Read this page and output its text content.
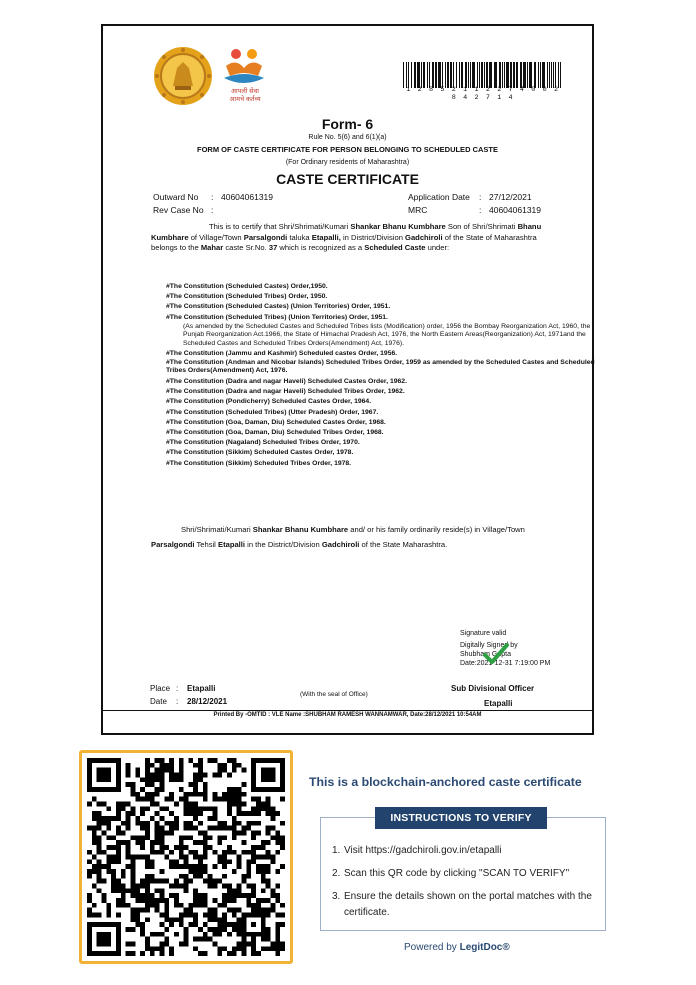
आपली सेवा
आमचे कर्तव्य
1 2 8 5 2 1 1 2 2 7 4 0 0 2 8 4 2 7 1 4
Form- 6
Rule No. 5(6) and 6(1)(a)
FORM OF CASTE CERTIFICATE FOR PERSON BELONGING TO SCHEDULED CASTE
(For Ordinary residents of Maharashtra)
CASTE CERTIFICATE
Outward No : 40604061319
Rev Case No :
Application Date : 27/12/2021
MRC	: 40604061319
This is to certify that Shri/Shrimati/Kumari Shankar Bhanu Kumbhare Son of Shri/Shrimati Bhanu Kumbhare of Village/Town Parsalgondi taluka Etapalli, in District/Division Gadchiroli of the State of Maharashtra belongs to the Mahar caste Sr.No. 37 which is recognized as a Scheduled Caste under:
#The Constitution (Scheduled Castes) Order,1950.
#The Constitution (Scheduled Tribes) Order, 1950.
#The Constitution (Scheduled Castes) (Union Territories) Order, 1951.
#The Constitution (Scheduled Tribes) (Union Territories) Order, 1951.
(As amended by the Scheduled Castes and Scheduled Tribes lists (Modification) order, 1956 the Bombay Reorganization Act, 1960, the Punjab Reorganization Act.1966, the State of Himachal Pradesh Act, 1976, the North Eastern Areas(Reorganization) Act, 1971and the Scheduled Castes and Scheduled Tribes Orders(Amendment) Act, 1976).
#The Constitution (Jammu and Kashmir) Scheduled castes Order, 1956.
#The Constitution (Andman and Nicobar Islands) Scheduled Tribes Order, 1959 as amended by the Scheduled Castes and Scheduled Tribes Orders(Amendment) Act, 1976.
#The Constitution (Dadra and nagar Haveli) Scheduled Castes Order, 1962.
#The Constitution (Dadra and nagar Haveli) Scheduled Tribes Order, 1962.
#The Constitution (Pondicherry) Scheduled Castes Order, 1964.
#The Constitution (Scheduled Tribes) (Utter Pradesh) Order, 1967.
#The Constitution (Goa, Daman, Diu) Scheduled Castes Order, 1968.
#The Constitution (Goa, Daman, Diu) Scheduled Tribes Order, 1968.
#The Constitution (Nagaland) Scheduled Tribes Order, 1970.
#The Constitution (Sikkim) Scheduled Castes Order, 1978.
#The Constitution (Sikkim) Scheduled Tribes Order, 1978.
Shri/Shrimati/Kumari Shankar Bhanu Kumbhare and/ or his family ordinarily reside(s) in Village/Town Parsalgondi Tehsil Etapalli in the District/Division Gadchiroli of the State Maharashtra.
Signature valid
Digitally Signed by
Shubham Gupta
Date:2021-12-31 7:19:00 PM
Place : Etapalli
Date : 28/12/2021
(With the seal of Office)
Sub Divisional Officer
Etapalli
Printed By -OMTID : VLE Name :SHUBHAM RAMESH WANNAMWAR, Date:28/12/2021 10:54AM
This is a blockchain-anchored caste certificate
INSTRUCTIONS TO VERIFY
1. Visit https://gadchiroli.gov.in/etapalli
2. Scan this QR code by clicking "SCAN TO VERIFY"
3. Ensure the details shown on the portal matches with the certificate.
Powered by LegitDoc®
